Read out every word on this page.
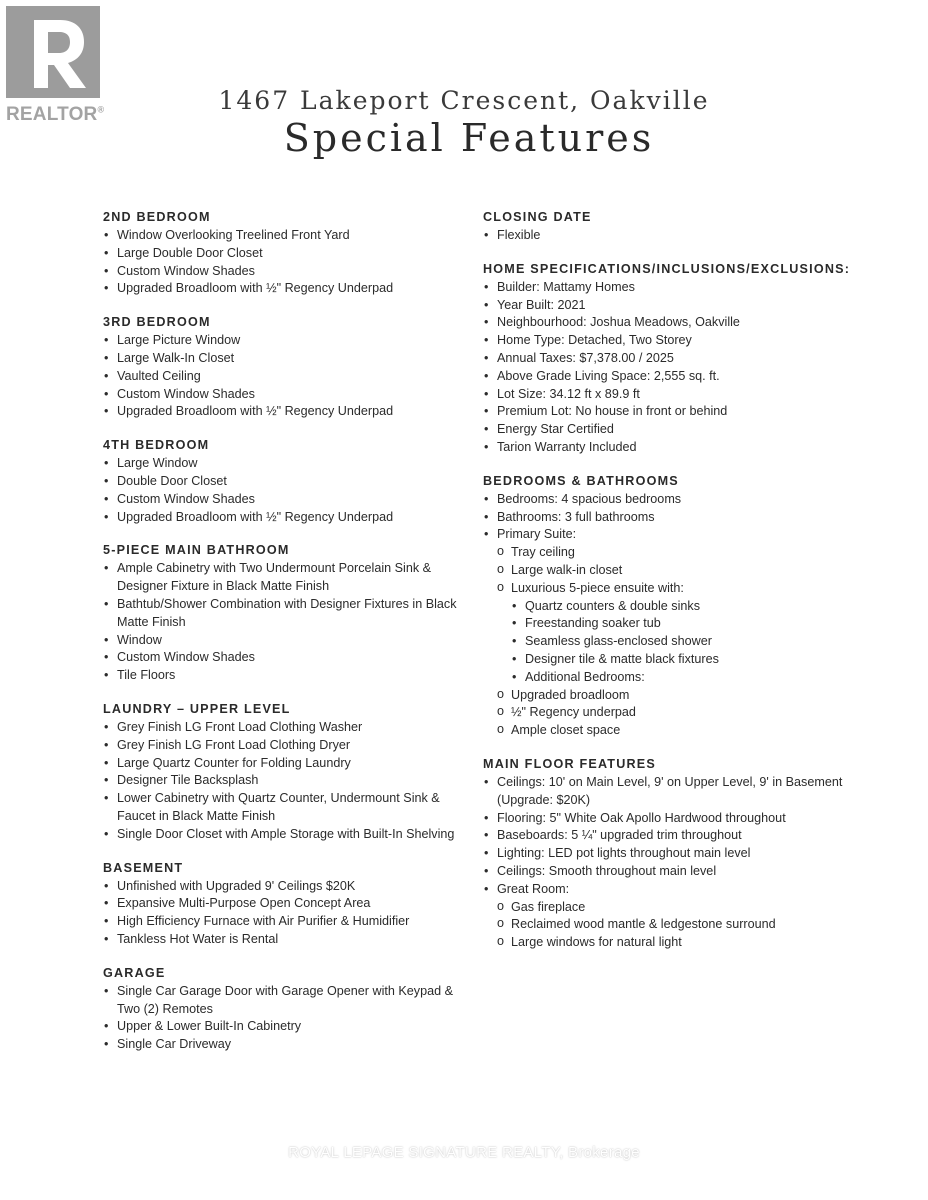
REALTOR®	1467 Lakeport Crescent, Oakville
Special Features
2ND BEDROOM
• Window Overlooking Treelined Front Yard
• Large Double Door Closet
• Custom Window Shades
• Upgraded Broadloom with ½" Regency Underpad
3RD BEDROOM
• Large Picture Window
• Large Walk-In Closet
• Vaulted Ceiling
• Custom Window Shades
• Upgraded Broadloom with ½" Regency Underpad
4TH BEDROOM
• Large Window
• Double Door Closet
• Custom Window Shades
• Upgraded Broadloom with ½" Regency Underpad
5-PIECE MAIN BATHROOM
• Ample Cabinetry with Two Undermount Porcelain Sink & Designer Fixture in Black Matte Finish
• Bathtub/Shower Combination with Designer Fixtures in Black Matte Finish
• Window
• Custom Window Shades
• Tile Floors
LAUNDRY – UPPER LEVEL
• Grey Finish LG Front Load Clothing Washer
• Grey Finish LG Front Load Clothing Dryer
• Large Quartz Counter for Folding Laundry
• Designer Tile Backsplash
• Lower Cabinetry with Quartz Counter, Undermount Sink & Faucet in Black Matte Finish
• Single Door Closet with Ample Storage with Built-In Shelving
BASEMENT
• Unfinished with Upgraded 9' Ceilings $20K
• Expansive Multi-Purpose Open Concept Area
• High Efficiency Furnace with Air Purifier & Humidifier
• Tankless Hot Water is Rental
GARAGE
• Single Car Garage Door with Garage Opener with Keypad & Two (2) Remotes
• Upper & Lower Built-In Cabinetry
• Single Car Driveway
CLOSING DATE
• Flexible
HOME SPECIFICATIONS/INCLUSIONS/EXCLUSIONS:
• Builder: Mattamy Homes
• Year Built: 2021
• Neighbourhood: Joshua Meadows, Oakville
• Home Type: Detached, Two Storey
• Annual Taxes: $7,378.00 / 2025
• Above Grade Living Space: 2,555 sq. ft.
• Lot Size: 34.12 ft x 89.9 ft
• Premium Lot: No house in front or behind
• Energy Star Certified
• Tarion Warranty Included
BEDROOMS & BATHROOMS
• Bedrooms: 4 spacious bedrooms
• Bathrooms: 3 full bathrooms
• Primary Suite:
o Tray ceiling
o Large walk-in closet
o Luxurious 5-piece ensuite with:
• Quartz counters & double sinks
• Freestanding soaker tub
• Seamless glass-enclosed shower
• Designer tile & matte black fixtures
• Additional Bedrooms:
o Upgraded broadloom
o ½" Regency underpad
o Ample closet space
MAIN FLOOR FEATURES
• Ceilings: 10' on Main Level, 9' on Upper Level, 9' in Basement (Upgrade: $20K)
• Flooring: 5" White Oak Apollo Hardwood throughout
• Baseboards: 5 ¼" upgraded trim throughout
• Lighting: LED pot lights throughout main level
• Ceilings: Smooth throughout main level
• Great Room:
o Gas fireplace
o Reclaimed wood mantle & ledgestone surround
o Large windows for natural light
ROYAL LEPAGE SIGNATURE REALTY, Brokerage
